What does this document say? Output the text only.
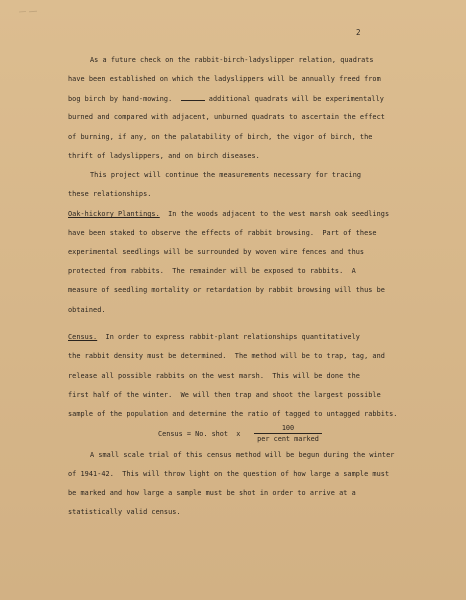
2
As a future check on the rabbit-birch-ladyslipper relation, quadrats
have been established on which the ladyslippers will be annually freed from
bog birch by hand-mowing.	additional quadrats will be experimentally
burned and compared with adjacent, unburned quadrats to ascertain the effect
of burning, if any, on the palatability of birch, the vigor of birch, the
thrift of ladyslippers, and on birch diseases.
This project will continue the measurements necessary for tracing
these relationships.
Oak-hickory Plantings. In the woods adjacent to the west marsh oak seedlings
have been staked to observe the effects of rabbit browsing.  Part of these
experimental seedlings will be surrounded by woven wire fences and thus
protected from rabbits.  The remainder will be exposed to rabbits.  A
measure of seedling mortality or retardation by rabbit browsing will thus be
obtained.
Census. In order to express rabbit-plant relationships quantitatively
the rabbit density must be determined.  The method will be to trap, tag, and
release all possible rabbits on the west marsh.  This will be done the
first half of the winter.  We will then trap and shoot the largest possible
sample of the population and determine the ratio of tagged to untagged rabbits.
Census = No. shot  x
100
per cent marked
A small scale trial of this census method will be begun during the winter
of 1941-42.  This will throw light on the question of how large a sample must
be marked and how large a sample must be shot in order to arrive at a
statistically valid census.
